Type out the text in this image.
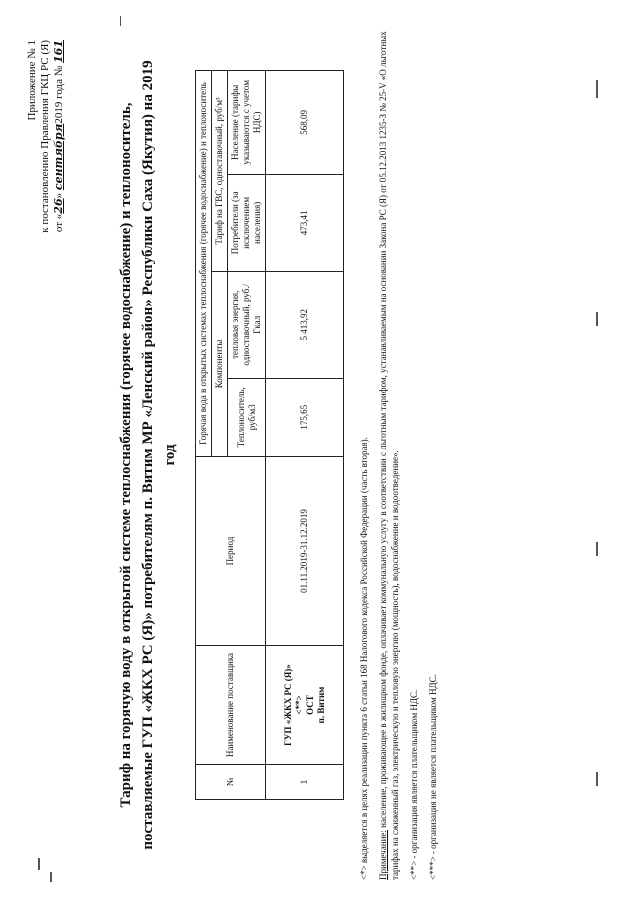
Приложение № 1 к постановлению Правления ГКЦ РС (Я) от «26» сентября2019 года № 161
Тариф на горячую воду в открытой системе теплоснабжения (горячее водоснабжение) и теплоноситель, поставляемые ГУП «ЖКХ РС (Я)» потребителям п. Витим МР «Ленский район» Республики Саха (Якутия) на 2019 год
№	Наименование поставщика	Период	Горячая вода в открытых системах теплоснабжения (горячее водоснабжение) и теплоноситель			
			Компоненты		Тариф на ГВС, одноставочный, руб/м³	
			Теплоноситель, руб/м3	тепловая энергия, одноставочный, руб./Гкал	Потребители (за исключением населения)	Население (тарифы указываются с учетом НДС)
1	ГУП «ЖКХ РС (Я)» <**> ОСТ п. Витим	01.11.2019-31.12.2019	175,65	5 413,92	473,41	568,09

<*> выделяется в целях реализации пункта 6 статьи 168 Налогового кодекса Российской Федерации (часть вторая). Примечание: население, проживающее в жилищном фонде, оплачивает коммунальную услугу в соответствии с льготным тарифом, устанавливаемым на основании Закона РС (Я) от 05.12.2013 1235-З № 25-V «О льготных тарифах на сжиженный газ, электрическую и тепловую энергию (мощность), водоснабжение и водоотведение». <**> - организация является плательщиком НДС. <***> - организация не является плательщиком НДС.
